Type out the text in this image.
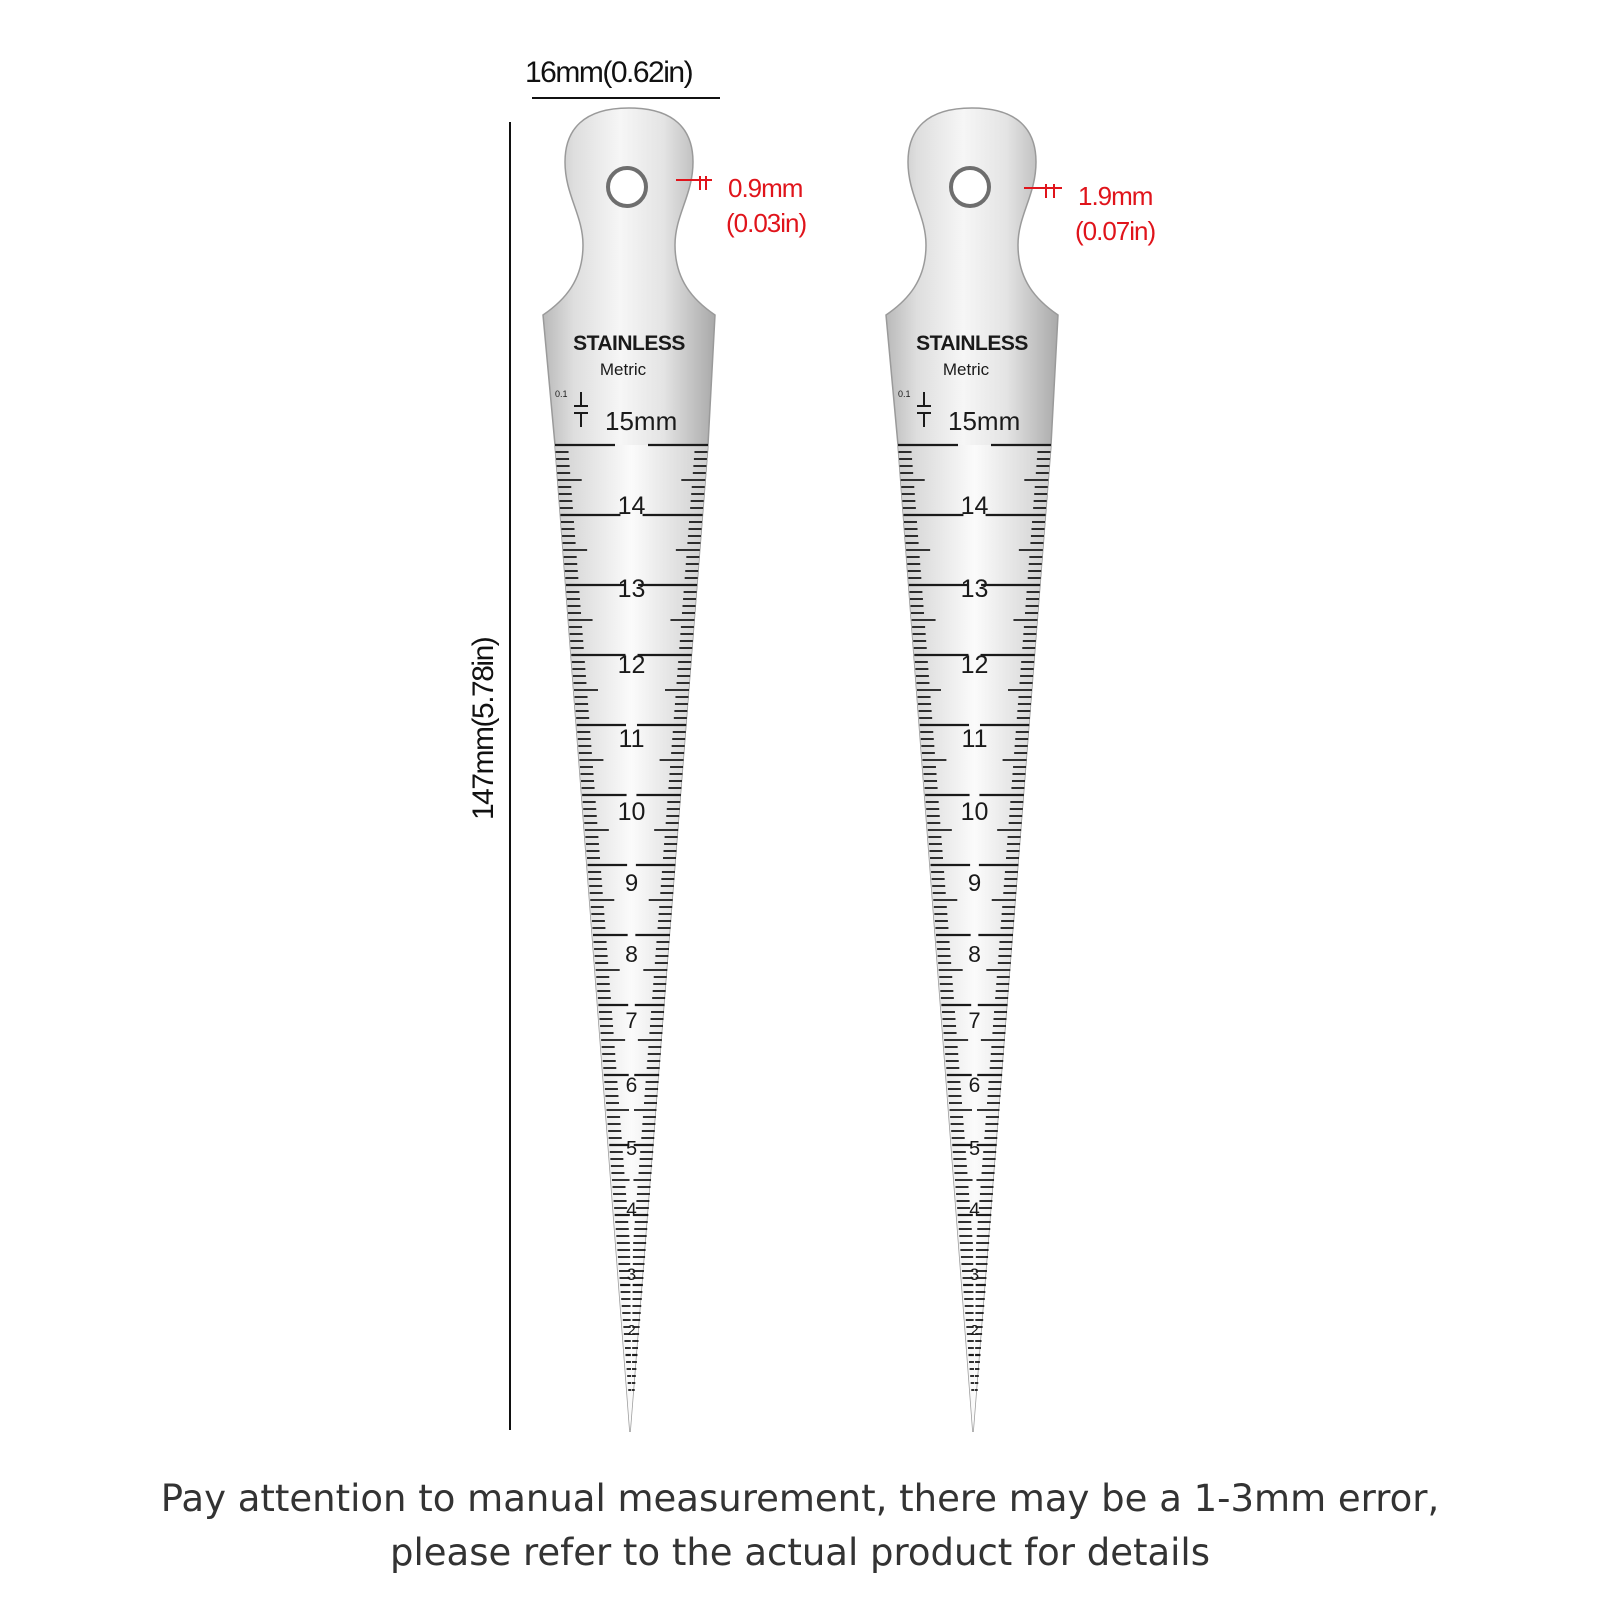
16mm(0.62in)
147mm(5.78in)
STAINLESS
Metric
0.1
15mm
14
13
12
11
10
9
8
7
6
5
4
3
2
STAINLESS
Metric
0.1
15mm
14
13
12
11
10
9
8
7
6
5
4
3
2
0.9mm
(0.03in)
1.9mm
(0.07in)
Pay attention to manual measurement, there may be a 1-3mm error,
please refer to the actual product for details
